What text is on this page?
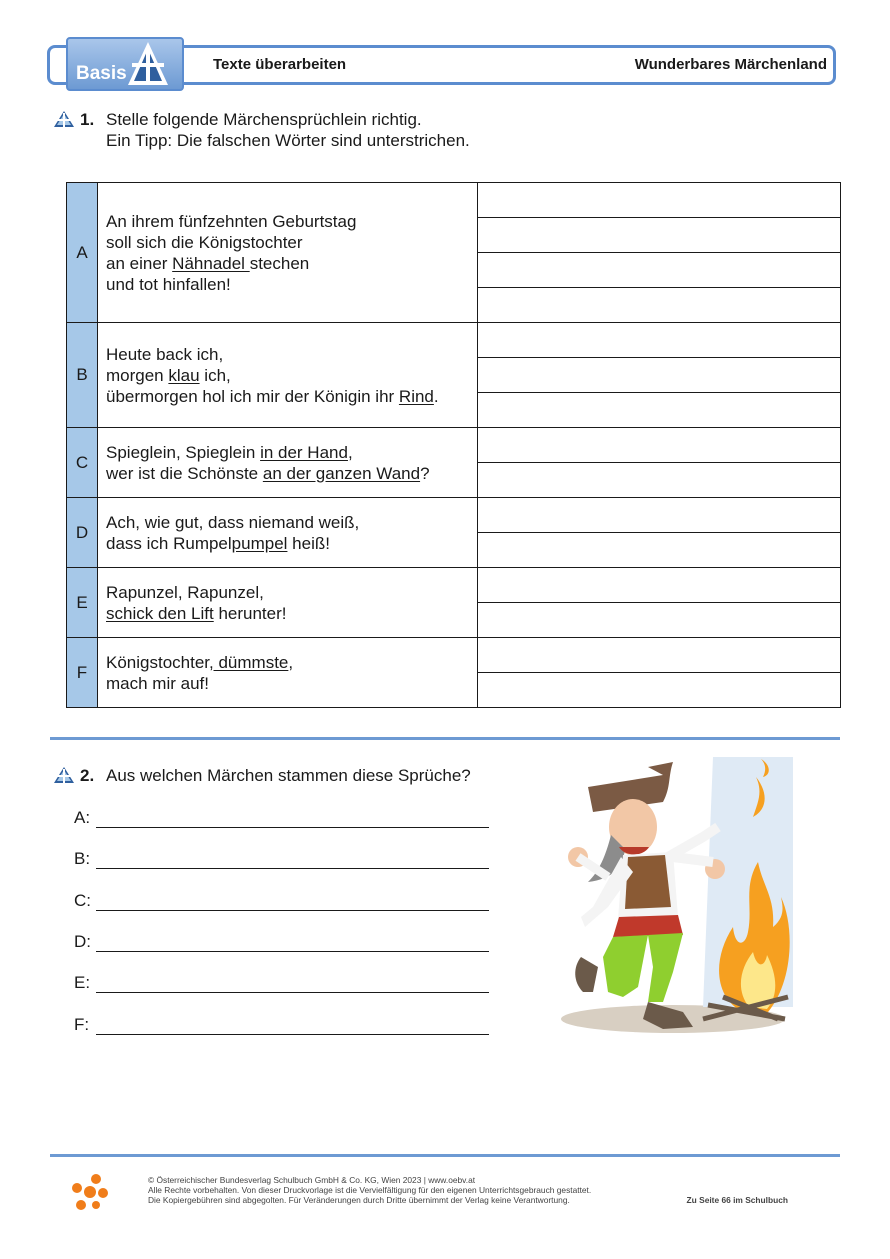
Basis	Texte überarbeiten	Wunderbares Märchenland
1. Stelle folgende Märchensprüchlein richtig.
Ein Tipp: Die falschen Wörter sind unterstrichen.
A	An ihrem fünfzehnten Geburtstag
soll sich die Königstochter
an einer Nähnadel stechen
und tot hinfallen!	

B	Heute back ich,
morgen klau ich,
übermorgen hol ich mir der Königin ihr Rind.	

C	Spieglein, Spieglein in der Hand,
wer ist die Schönste an der ganzen Wand?	

D	Ach, wie gut, dass niemand weiß,
dass ich Rumpelpumpel heiß!	

E	Rapunzel, Rapunzel,
schick den Lift herunter!	

F	Königstochter, dümmste,
mach mir auf!	

2. Aus welchen Märchen stammen diese Sprüche?
A:

B:

C:

D:

E:

F:

© Österreichischer Bundesverlag Schulbuch GmbH & Co. KG, Wien 2023 | www.oebv.at
Alle Rechte vorbehalten. Von dieser Druckvorlage ist die Vervielfältigung für den eigenen Unterrichtsgebrauch gestattet.
Die Kopiergebühren sind abgegolten. Für Veränderungen durch Dritte übernimmt der Verlag keine Verantwortung.	Zu Seite 66 im Schulbuch
